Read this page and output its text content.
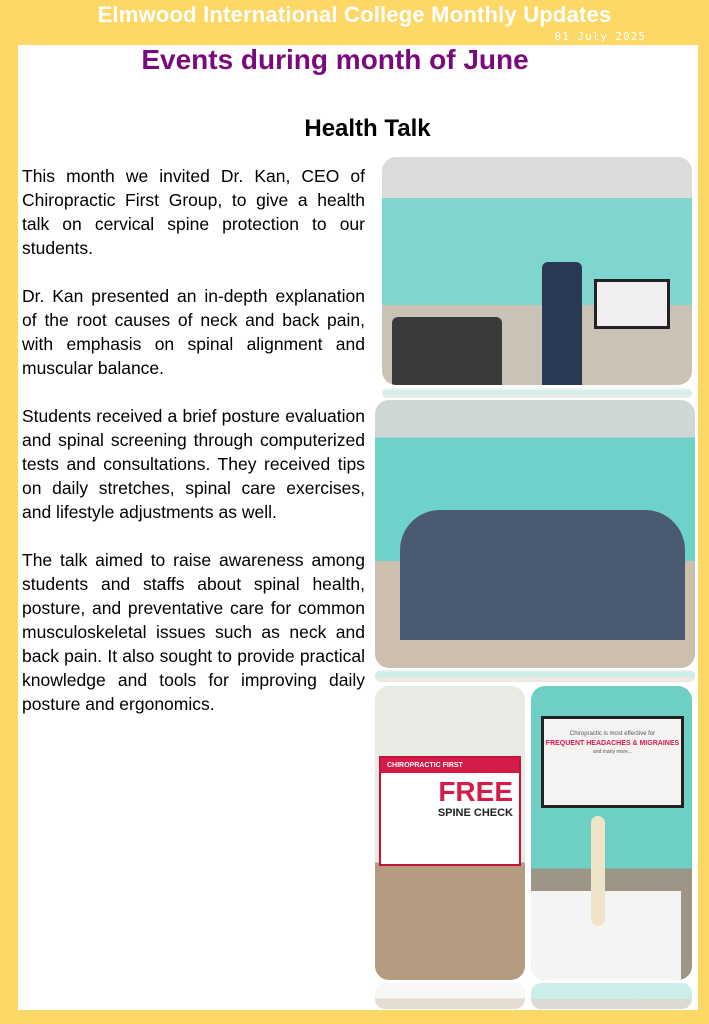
Elmwood International College Monthly Updates
01 July 2025
Events during month of June
Health Talk

This month we invited Dr. Kan, CEO of Chiropractic First Group, to give a health talk on cervical spine protection to our students.

Dr. Kan presented an in-depth explanation of the root causes of neck and back pain, with emphasis on spinal alignment and muscular balance.

Students received a brief posture evaluation and spinal screening through computerized tests and consultations. They received tips on daily stretches, spinal care exercises, and lifestyle adjustments as well.

The talk aimed to raise awareness among students and staffs about spinal health, posture, and preventative care for common musculoskeletal issues such as neck and back pain. It also sought to provide practical knowledge and tools for improving daily posture and ergonomics.

CHIROPRACTIC FIRST
FREE
SPINE CHECK
Chiropractic is most effective for
FREQUENT HEADACHES & MIGRAINES
and many more...
